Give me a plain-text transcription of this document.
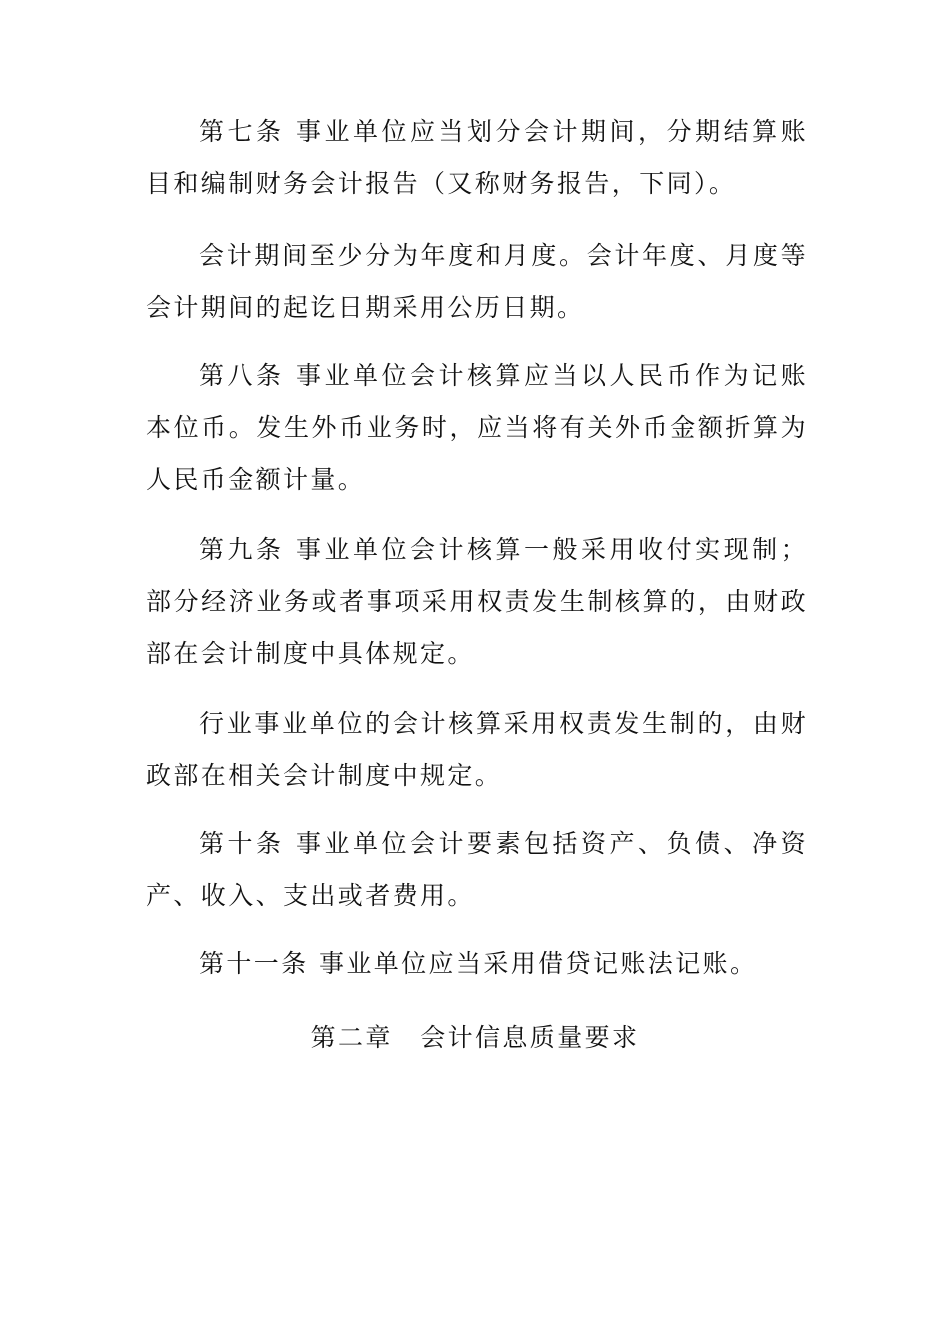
第七条 事业单位应当划分会计期间，分期结算账目和编制财务会计报告（又称财务报告，下同）。

会计期间至少分为年度和月度。会计年度、月度等会计期间的起讫日期采用公历日期。

第八条 事业单位会计核算应当以人民币作为记账本位币。发生外币业务时，应当将有关外币金额折算为人民币金额计量。

第九条 事业单位会计核算一般采用收付实现制；部分经济业务或者事项采用权责发生制核算的，由财政部在会计制度中具体规定。

行业事业单位的会计核算采用权责发生制的，由财政部在相关会计制度中规定。

第十条 事业单位会计要素包括资产、负债、净资产、收入、支出或者费用。

第十一条 事业单位应当采用借贷记账法记账。

第二章　会计信息质量要求
